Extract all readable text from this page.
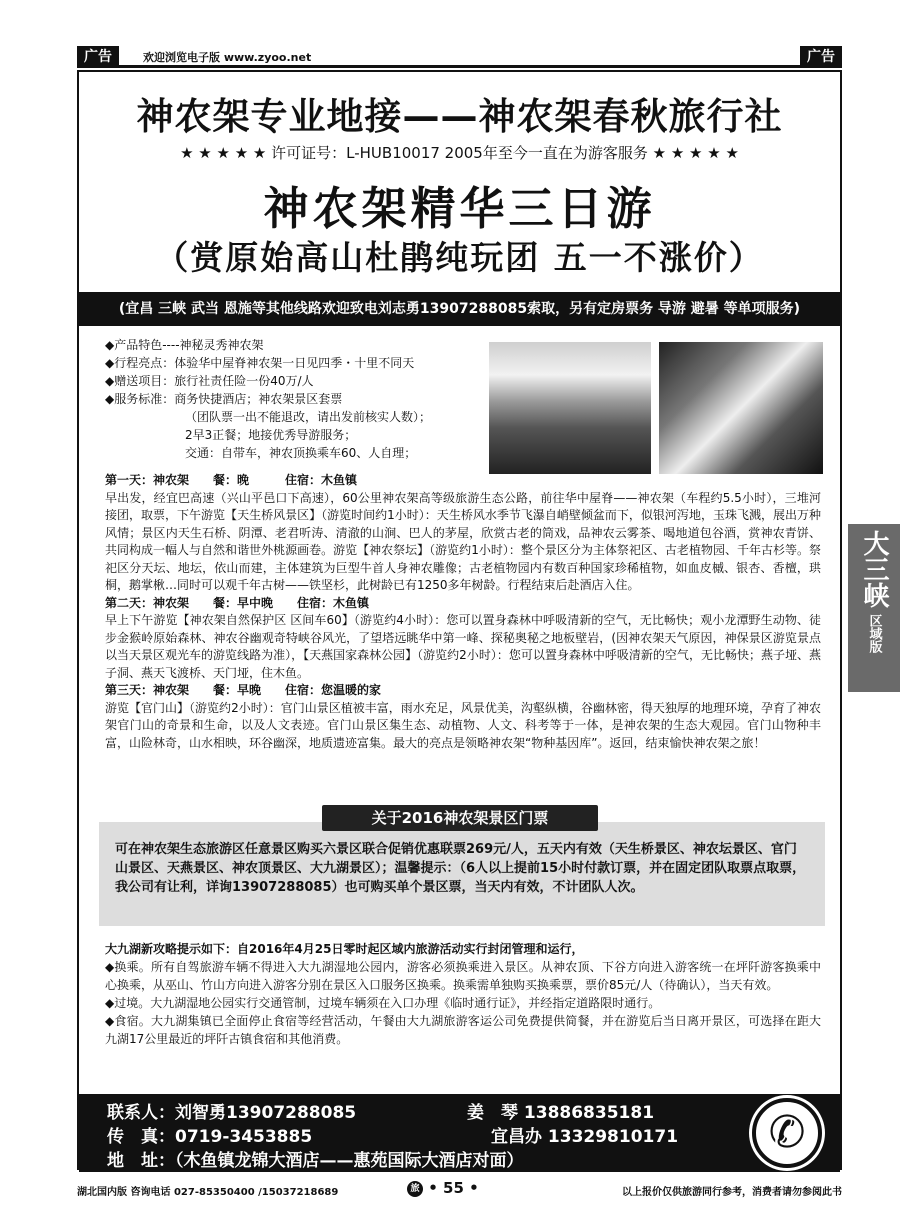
广告	欢迎浏览电子版 www.zyoo.net	广告
神农架专业地接——神农架春秋旅行社
★ ★ ★ ★ ★ 许可证号：L-HUB10017 2005年至今一直在为游客服务 ★ ★ ★ ★ ★
神农架精华三日游
（赏原始高山杜鹃纯玩团 五一不涨价）
(宜昌 三峡 武当 恩施等其他线路欢迎致电刘志勇13907288085索取，另有定房票务 导游 避暑 等单项服务)
◆产品特色----神秘灵秀神农架
◆行程亮点：体验华中屋脊神农架一日见四季・十里不同天
◆赠送项目：旅行社责任险一份40万/人
◆服务标准：商务快捷酒店；神农架景区套票
（团队票一出不能退改，请出发前核实人数）；
2早3正餐；地接优秀导游服务；
交通：自带车，神农顶换乘车60、人自理；
第一天：神农架　　餐：晚　　　住宿：木鱼镇
早出发，经宜巴高速（兴山平邑口下高速），60公里神农架高等级旅游生态公路，前往华中屋脊——神农架（车程约5.5小时），三堆河接团，取票，下午游览【天生桥风景区】（游览时间约1小时）：天生桥风水季节飞瀑自峭壁倾盆而下，似银河泻地，玉珠飞溅，展出万种风情；景区内天生石桥、阴潭、老君听涛、清澈的山涧、巴人的茅屋，欣赏古老的筒戏，品神农云雾茶、喝地道包谷酒，赏神农青饼、共同构成一幅人与自然和谐世外桃源画卷。游览【神农祭坛】（游览约1小时）：整个景区分为主体祭祀区、古老植物园、千年古杉等。祭祀区分天坛、地坛，依山而建，主体建筑为巨型牛首人身神农雕像；古老植物园内有数百种国家珍稀植物，如血皮槭、银杏、香檀，珙桐，鹅掌楸…同时可以观千年古树——铁坚杉，此树龄已有1250多年树龄。行程结束后赴酒店入住。
第二天：神农架　　餐：早中晚　　住宿：木鱼镇
早上下午游览【神农架自然保护区 区间车60】（游览约4小时）：您可以置身森林中呼吸清新的空气，无比畅快；观小龙潭野生动物、徒步金猴岭原始森林、神农谷幽观奇特峡谷风光，了望塔远眺华中第一峰、探秘奥秘之地板壁岩，(因神农架天气原因，神保景区游览景点以当天景区观光车的游览线路为准），【天燕国家森林公园】（游览约2小时）：您可以置身森林中呼吸清新的空气，无比畅快；燕子垭、燕子洞、燕天飞渡桥、天门垭，住木鱼。
第三天：神农架　　餐：早晚　　住宿：您温暖的家
游览【官门山】（游览约2小时）：官门山景区植被丰富，雨水充足，风景优美，沟壑纵横，谷幽林密，得天独厚的地理环境，孕育了神农架官门山的奇景和生命，以及人文表迹。官门山景区集生态、动植物、人文、科考等于一体，是神农架的生态大观园。官门山物种丰富，山险林奇，山水相映，环谷幽深，地质遗迹富集。最大的亮点是领略神农架“物种基因库”。返回，结束愉快神农架之旅！
可在神农架生态旅游区任意景区购买六景区联合促销优惠联票269元/人，五天内有效（天生桥景区、神农坛景区、官门山景区、天燕景区、神农顶景区、大九湖景区）；温馨提示：（6人以上提前15小时付款订票，并在固定团队取票点取票，我公司有让利，详询13907288085）也可购买单个景区票，当天内有效，不计团队人次。
关于2016神农架景区门票
大九湖新攻略提示如下：自2016年4月25日零时起区域内旅游活动实行封闭管理和运行，
◆换乘。所有自驾旅游车辆不得进入大九湖湿地公园内，游客必须换乘进入景区。从神农顶、下谷方向进入游客统一在坪阡游客换乘中心换乘，从巫山、竹山方向进入游客分别在景区入口服务区换乘。换乘需单独购买换乘票，票价85元/人（待确认），当天有效。
◆过境。大九湖湿地公园实行交通管制，过境车辆须在入口办理《临时通行证》，并经指定道路限时通行。
◆食宿。大九湖集镇已全面停止食宿等经营活动，午餐由大九湖旅游客运公司免费提供简餐，并在游览后当日离开景区，可选择在距大九湖17公里最近的坪阡古镇食宿和其他消费。
联系人：刘智勇13907288085	姜　琴 13886835181
传　真：0719-3453885	宜昌办 13329810171
地　址：（木鱼镇龙锦大酒店——惠苑国际大酒店对面）
✆
大三峡
区域版
湖北国内版 咨询电话 027-85350400 /15037218689	旅 • 55 •	以上报价仅供旅游同行参考，消费者请勿参阅此书
